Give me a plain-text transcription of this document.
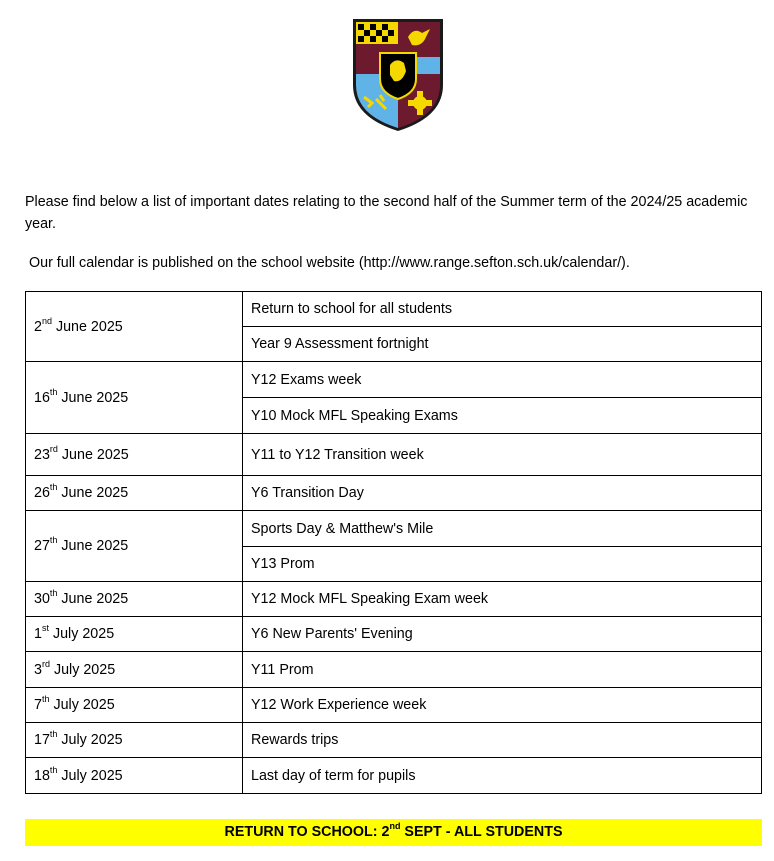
Please find below a list of important dates relating to the second half of the Summer term of the 2024/25 academic year.

Our full calendar is published on the school website (http://www.range.sefton.sch.uk/calendar/).

2nd June 2025	Return to school for all students
	Year 9 Assessment fortnight
16th June 2025	Y12 Exams week
	Y10 Mock MFL Speaking Exams
23rd June 2025	Y11 to Y12 Transition week
26th June 2025	Y6 Transition Day
27th June 2025	Sports Day & Matthew's Mile
	Y13 Prom
30th June 2025	Y12 Mock MFL Speaking Exam week
1st July 2025	Y6 New Parents' Evening
3rd July 2025	Y11 Prom
7th July 2025	Y12 Work Experience week
17th July 2025	Rewards trips
18th July 2025	Last day of term for pupils
RETURN TO SCHOOL: 2nd SEPT - ALL STUDENTS
